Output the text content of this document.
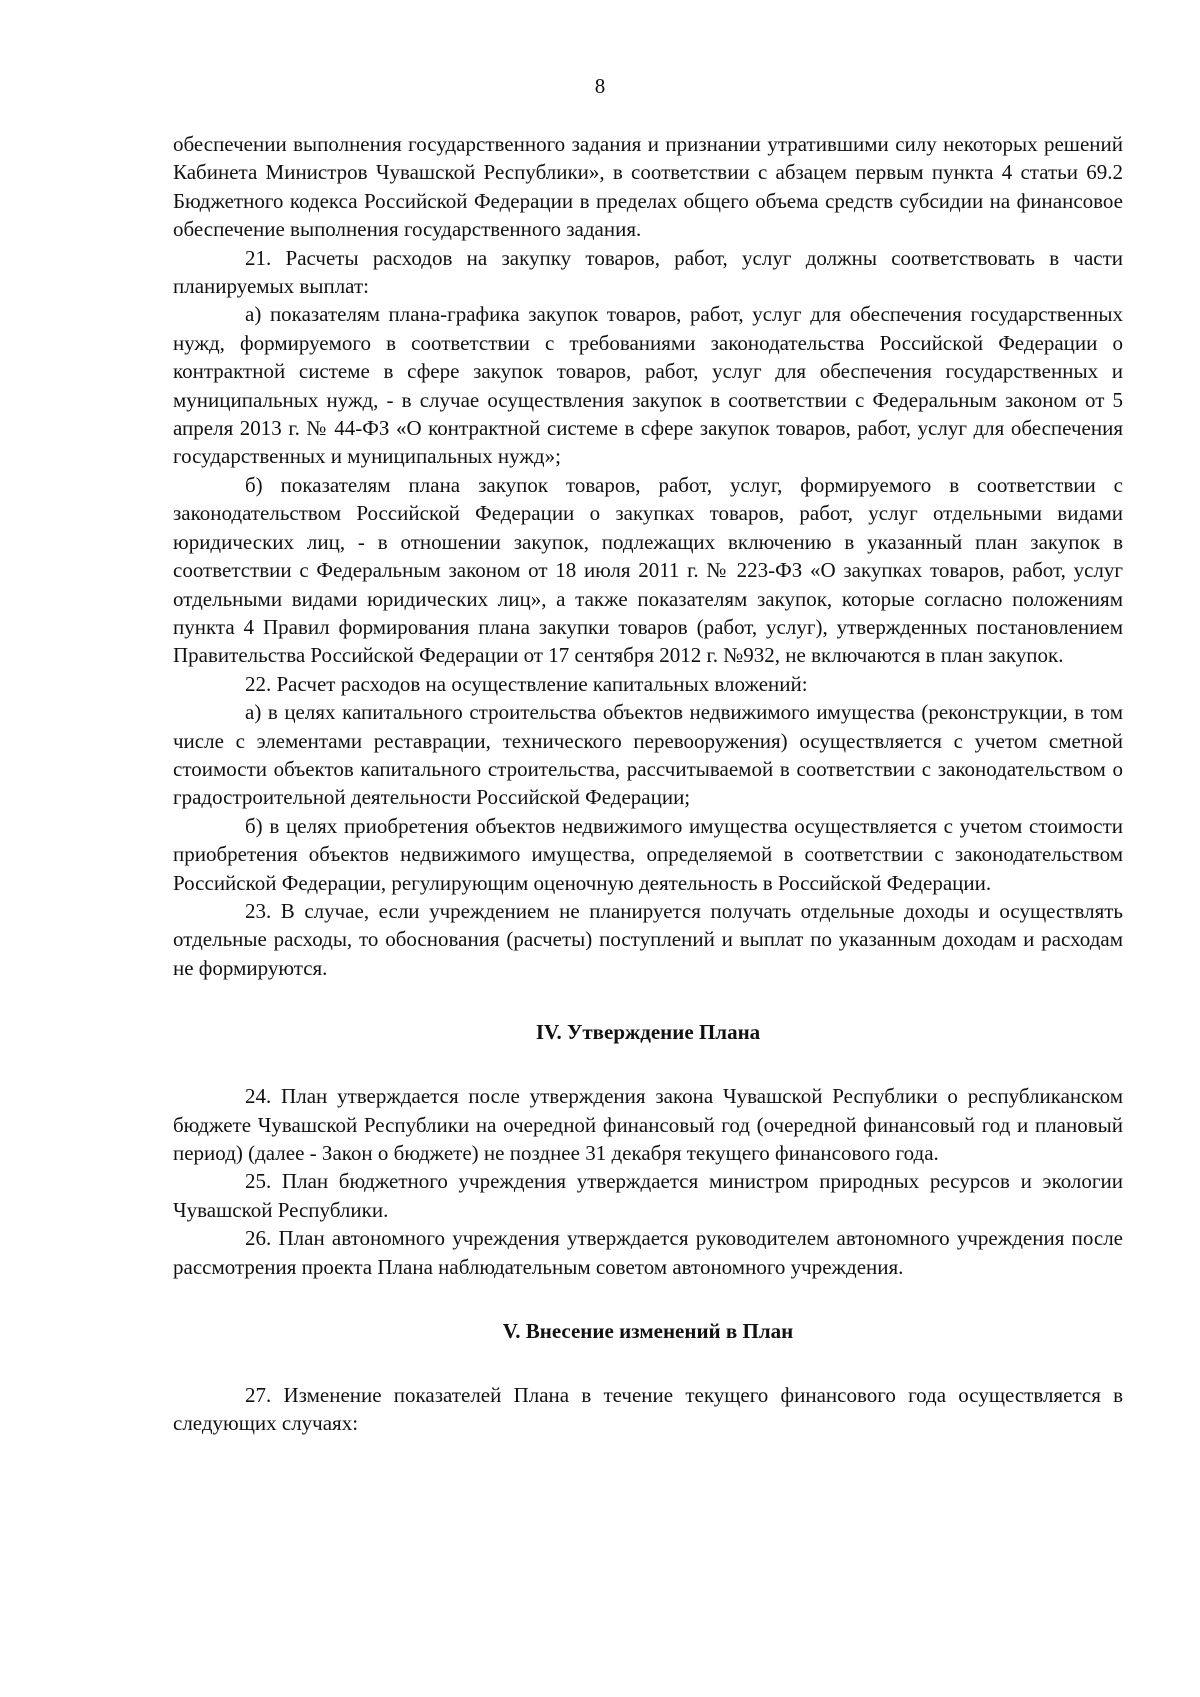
8

обеспечении выполнения государственного задания и признании утратившими силу некоторых решений Кабинета Министров Чувашской Республики», в соответствии с абзацем первым пункта 4 статьи 69.2 Бюджетного кодекса Российской Федерации в пределах общего объема средств субсидии на финансовое обеспечение выполнения государственного задания.

21. Расчеты расходов на закупку товаров, работ, услуг должны соответствовать в части планируемых выплат:

а) показателям плана-графика закупок товаров, работ, услуг для обеспечения государственных нужд, формируемого в соответствии с требованиями законодательства Российской Федерации о контрактной системе в сфере закупок товаров, работ, услуг для обеспечения государственных и муниципальных нужд, - в случае осуществления закупок в соответствии с Федеральным законом от 5 апреля 2013 г. № 44-ФЗ «О контрактной системе в сфере закупок товаров, работ, услуг для обеспечения государственных и муниципальных нужд»;

б) показателям плана закупок товаров, работ, услуг, формируемого в соответствии с законодательством Российской Федерации о закупках товаров, работ, услуг отдельными видами юридических лиц, - в отношении закупок, подлежащих включению в указанный план закупок в соответствии с Федеральным законом от 18 июля 2011 г. № 223-ФЗ «О закупках товаров, работ, услуг отдельными видами юридических лиц», а также показателям закупок, которые согласно положениям пункта 4 Правил формирования плана закупки товаров (работ, услуг), утвержденных постановлением Правительства Российской Федерации от 17 сентября 2012 г. №932, не включаются в план закупок.

22. Расчет расходов на осуществление капитальных вложений:

а) в целях капитального строительства объектов недвижимого имущества (реконструкции, в том числе с элементами реставрации, технического перевооружения) осуществляется с учетом сметной стоимости объектов капитального строительства, рассчитываемой в соответствии с законодательством о градостроительной деятельности Российской Федерации;

б) в целях приобретения объектов недвижимого имущества осуществляется с учетом стоимости приобретения объектов недвижимого имущества, определяемой в соответствии с законодательством Российской Федерации, регулирующим оценочную деятельность в Российской Федерации.

23. В случае, если учреждением не планируется получать отдельные доходы и осуществлять отдельные расходы, то обоснования (расчеты) поступлений и выплат по указанным доходам и расходам не формируются.

IV. Утверждение Плана

24. План утверждается после утверждения закона Чувашской Республики о республиканском бюджете Чувашской Республики на очередной финансовый год (очередной финансовый год и плановый период) (далее - Закон о бюджете) не позднее 31 декабря текущего финансового года.

25. План бюджетного учреждения утверждается министром природных ресурсов и экологии Чувашской Республики.

26. План автономного учреждения утверждается руководителем автономного учреждения после рассмотрения проекта Плана наблюдательным советом автономного учреждения.

V. Внесение изменений в План

27. Изменение показателей Плана в течение текущего финансового года осуществляется в следующих случаях:
